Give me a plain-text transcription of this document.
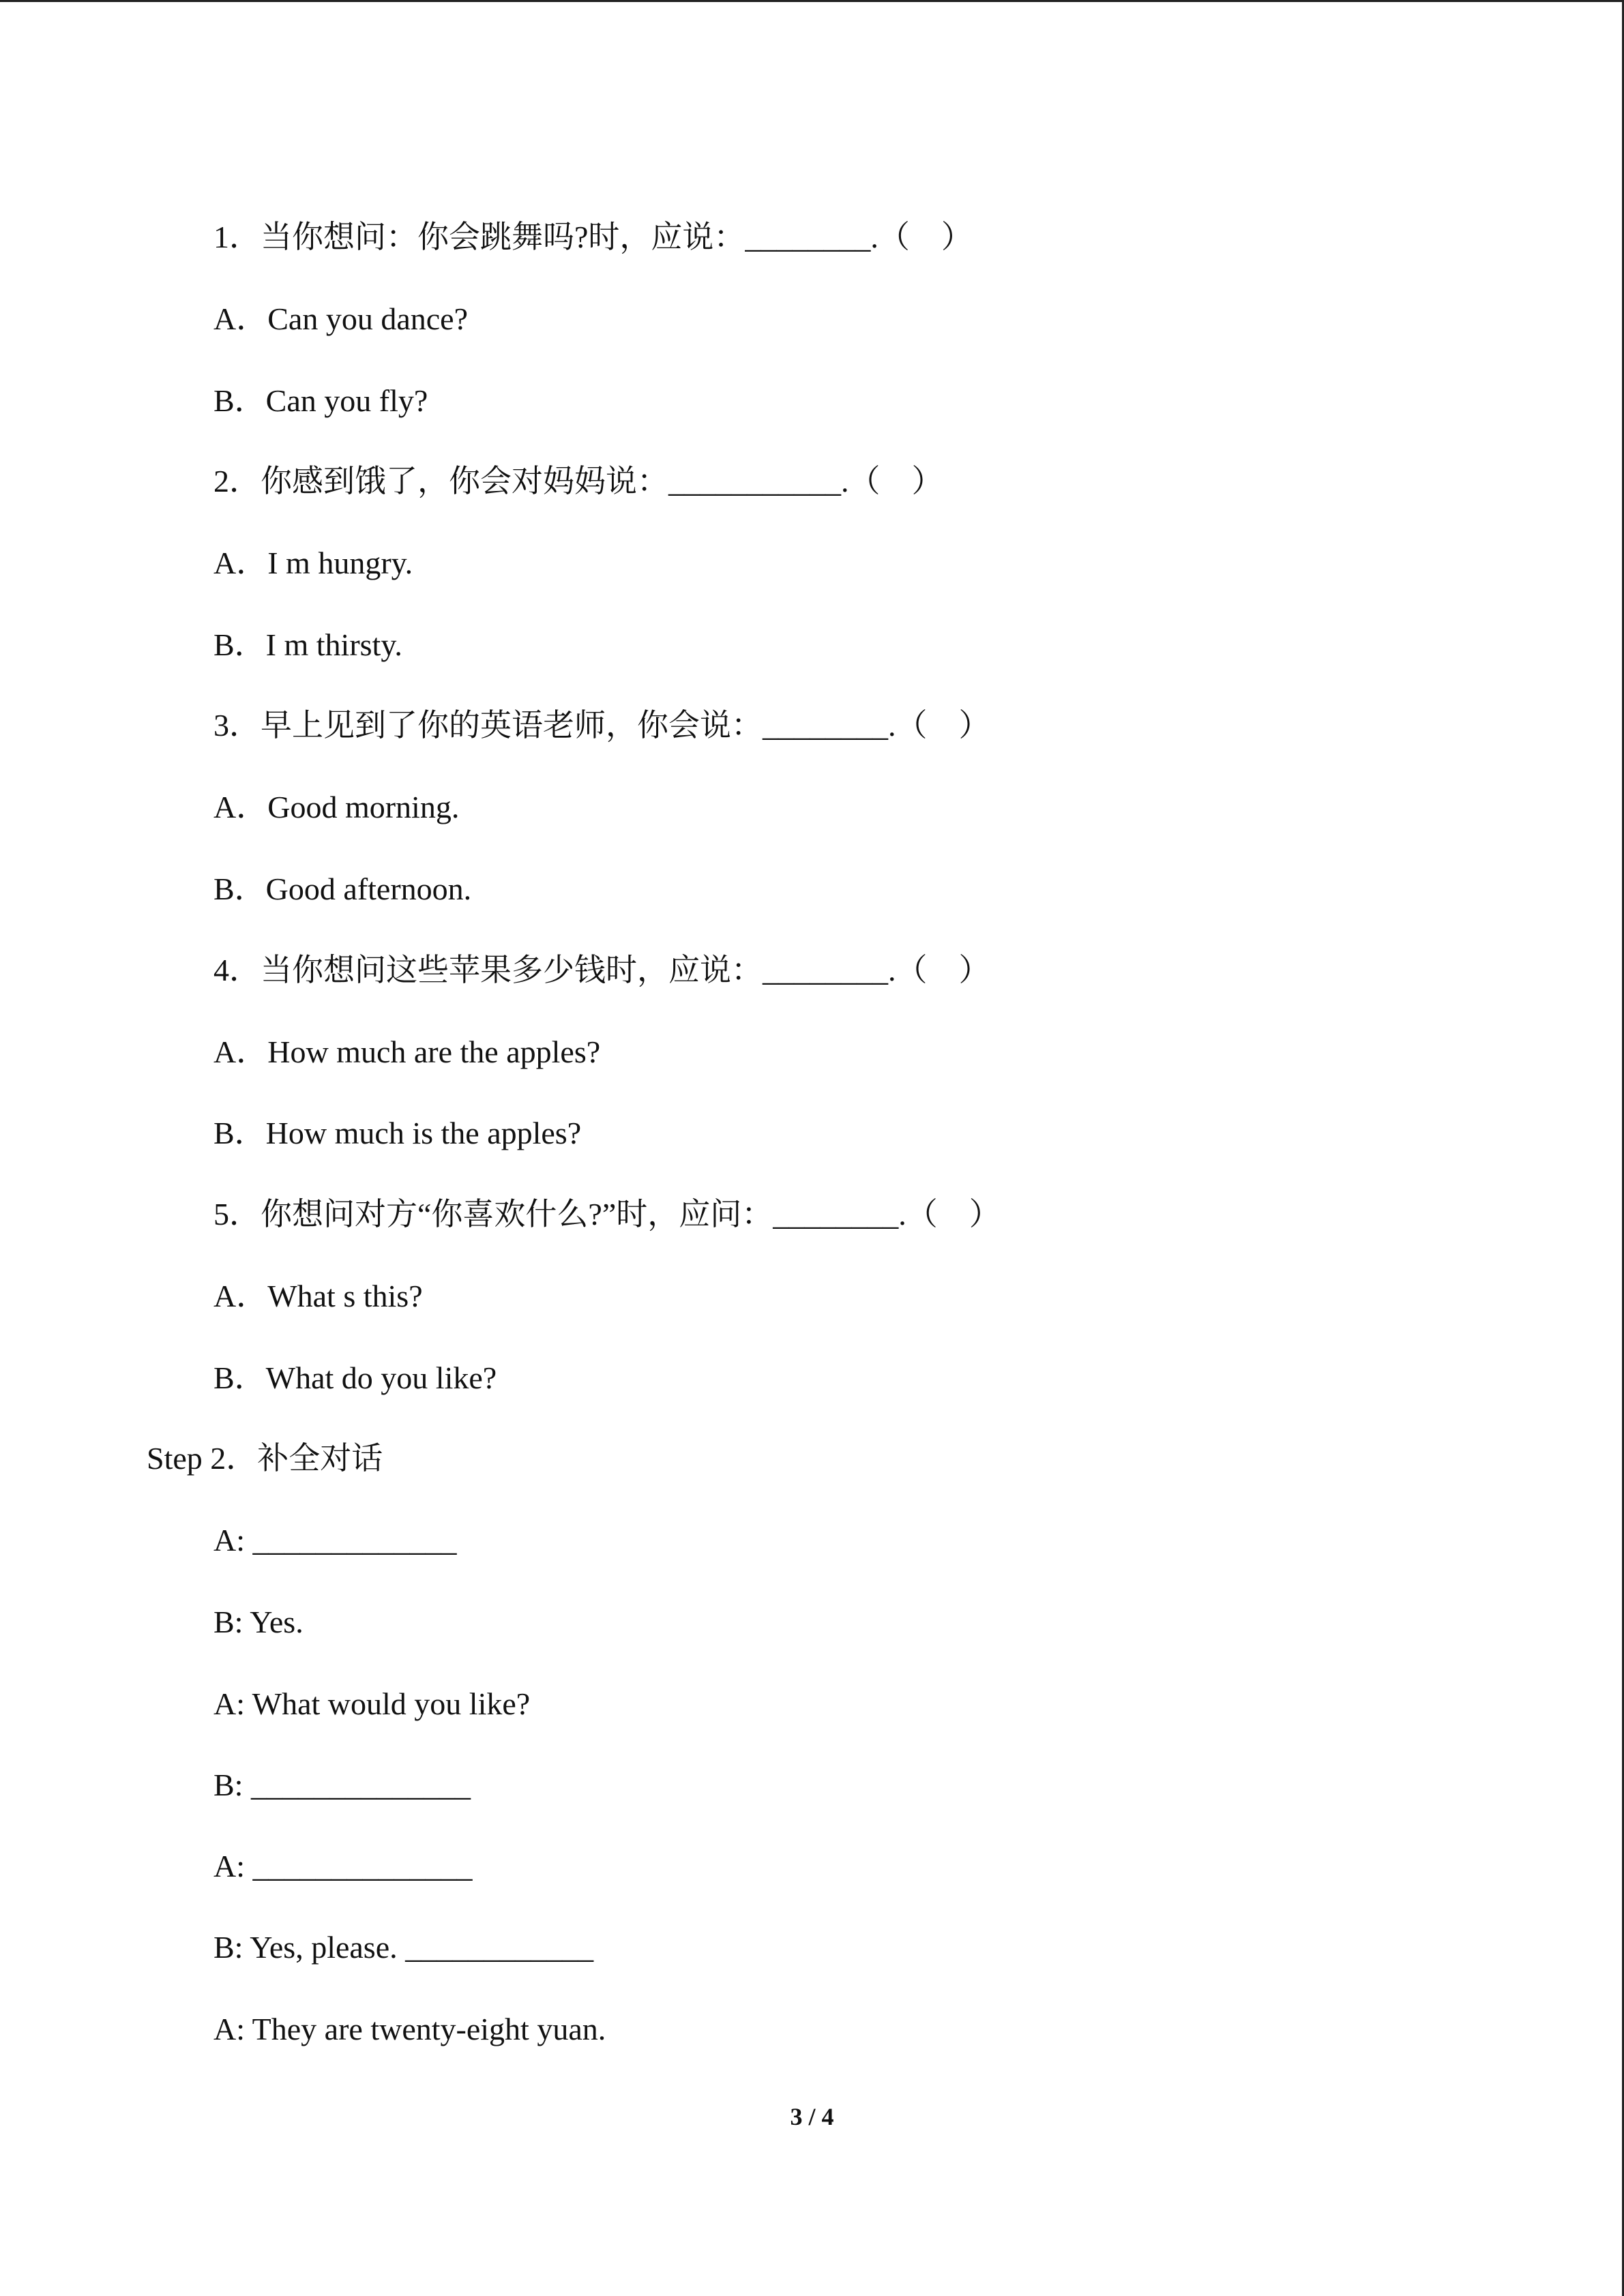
1．当你想问：你会跳舞吗?时，应说：________.（　）
A．Can you dance?
B．Can you fly?
2．你感到饿了，你会对妈妈说：___________.（　）
A．I m hungry.
B．I m thirsty.
3．早上见到了你的英语老师，你会说：________.（　）
A．Good morning.
B．Good afternoon.
4．当你想问这些苹果多少钱时，应说：________.（　）
A．How much are the apples?
B．How much is the apples?
5．你想问对方“你喜欢什么?”时，应问：________.（　）
A．What s this?
B．What do you like?
Step 2．补全对话
A: _____________
B: Yes.
A: What would you like?
B: ______________
A: ______________
B: Yes, please. ____________
A: They are twenty-eight yuan.
3 / 4
